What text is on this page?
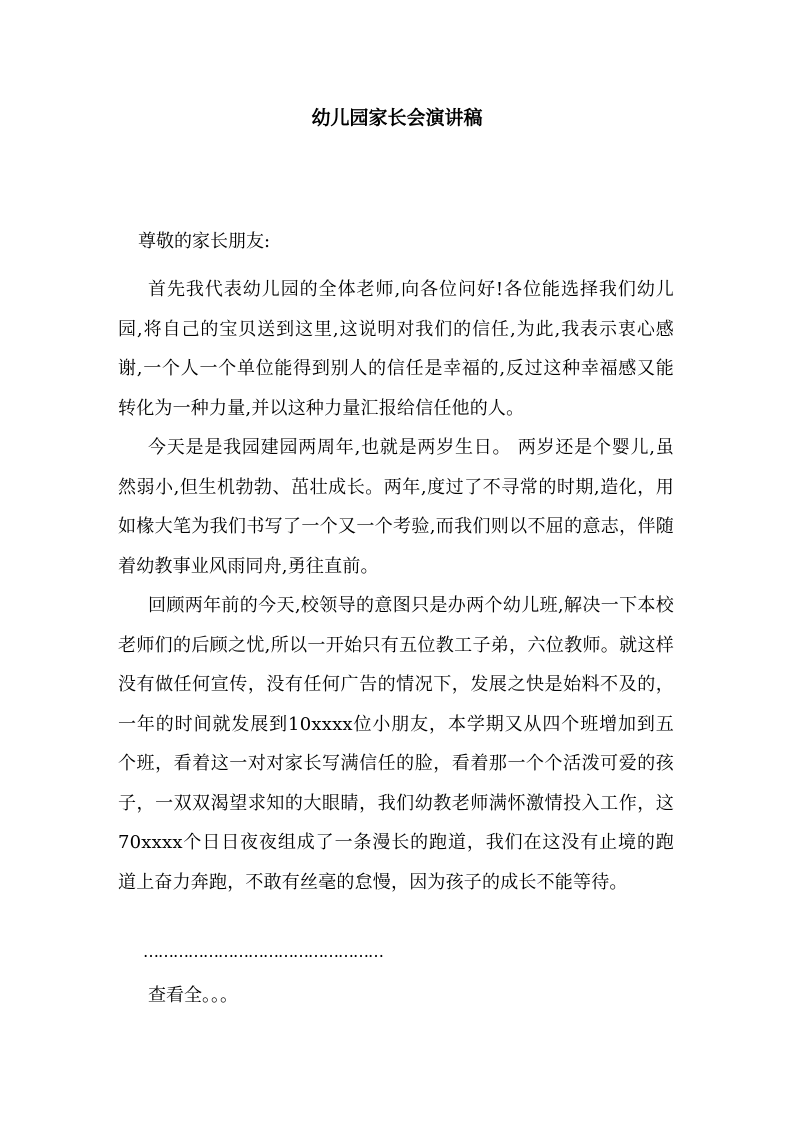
幼儿园家长会演讲稿
尊敬的家长朋友:

首先我代表幼儿园的全体老师,向各位问好!各位能选择我们幼儿园,将自己的宝贝送到这里,这说明对我们的信任,为此,我表示衷心感谢,一个人一个单位能得到别人的信任是幸福的,反过这种幸福感又能转化为一种力量,并以这种力量汇报给信任他的人。

今天是是我园建园两周年,也就是两岁生日。 两岁还是个婴儿,虽然弱小,但生机勃勃、茁壮成长。两年,度过了不寻常的时期,造化，用如椽大笔为我们书写了一个又一个考验,而我们则以不屈的意志，伴随着幼教事业风雨同舟,勇往直前。

回顾两年前的今天,校领导的意图只是办两个幼儿班,解决一下本校老师们的后顾之忧,所以一开始只有五位教工子弟，六位教师。就这样没有做任何宣传，没有任何广告的情况下，发展之快是始料不及的，一年的时间就发展到10xxxx位小朋友，本学期又从四个班增加到五个班，看着这一对对家长写满信任的脸，看着那一个个活泼可爱的孩子，一双双渴望求知的大眼睛，我们幼教老师满怀激情投入工作，这70xxxx个日日夜夜组成了一条漫长的跑道，我们在这没有止境的跑道上奋力奔跑，不敢有丝毫的怠慢，因为孩子的成长不能等待。

…………………………………………
查看全。。。
